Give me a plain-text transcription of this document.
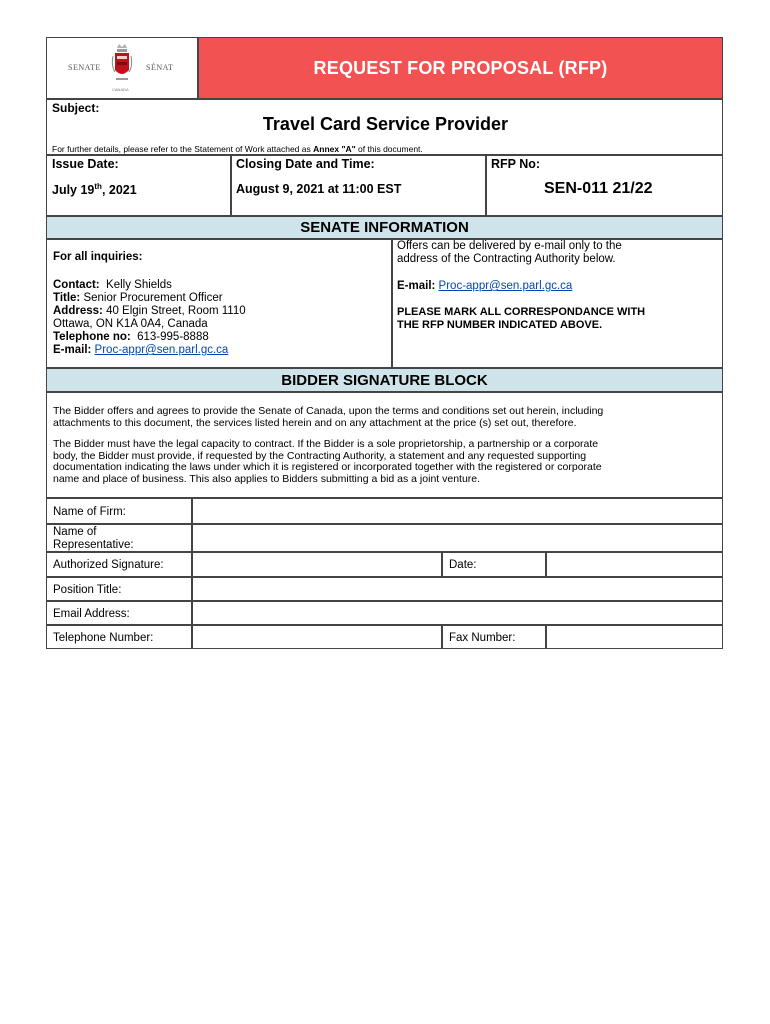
SENATE	SÉNAT
CANADA
REQUEST FOR PROPOSAL (RFP)
Subject:
Travel Card Service Provider
For further details, please refer to the Statement of Work attached as Annex "A" of this document.
Issue Date:
July 19th, 2021
Closing Date and Time:
August 9, 2021 at 11:00 EST
RFP No:
SEN-011 21/22
SENATE INFORMATION
For all inquiries:
Contact: Kelly Shields
Title: Senior Procurement Officer
Address: 40 Elgin Street, Room 1110
Ottawa, ON K1A 0A4, Canada
Telephone no: 613-995-8888
E-mail: Proc-appr@sen.parl.gc.ca
Offers can be delivered by e-mail only to the
address of the Contracting Authority below.
E-mail: Proc-appr@sen.parl.gc.ca
PLEASE MARK ALL CORRESPONDANCE WITH
THE RFP NUMBER INDICATED ABOVE.
BIDDER SIGNATURE BLOCK
The Bidder offers and agrees to provide the Senate of Canada, upon the terms and conditions set out herein, including
attachments to this document, the services listed herein and on any attachment at the price (s) set out, therefore.
The Bidder must have the legal capacity to contract. If the Bidder is a sole proprietorship, a partnership or a corporate
body, the Bidder must provide, if requested by the Contracting Authority, a statement and any requested supporting
documentation indicating the laws under which it is registered or incorporated together with the registered or corporate
name and place of business. This also applies to Bidders submitting a bid as a joint venture.
Name of Firm:
Name of
Representative:
Authorized Signature:	Date:
Position Title:
Email Address:
Telephone Number:	Fax Number:
